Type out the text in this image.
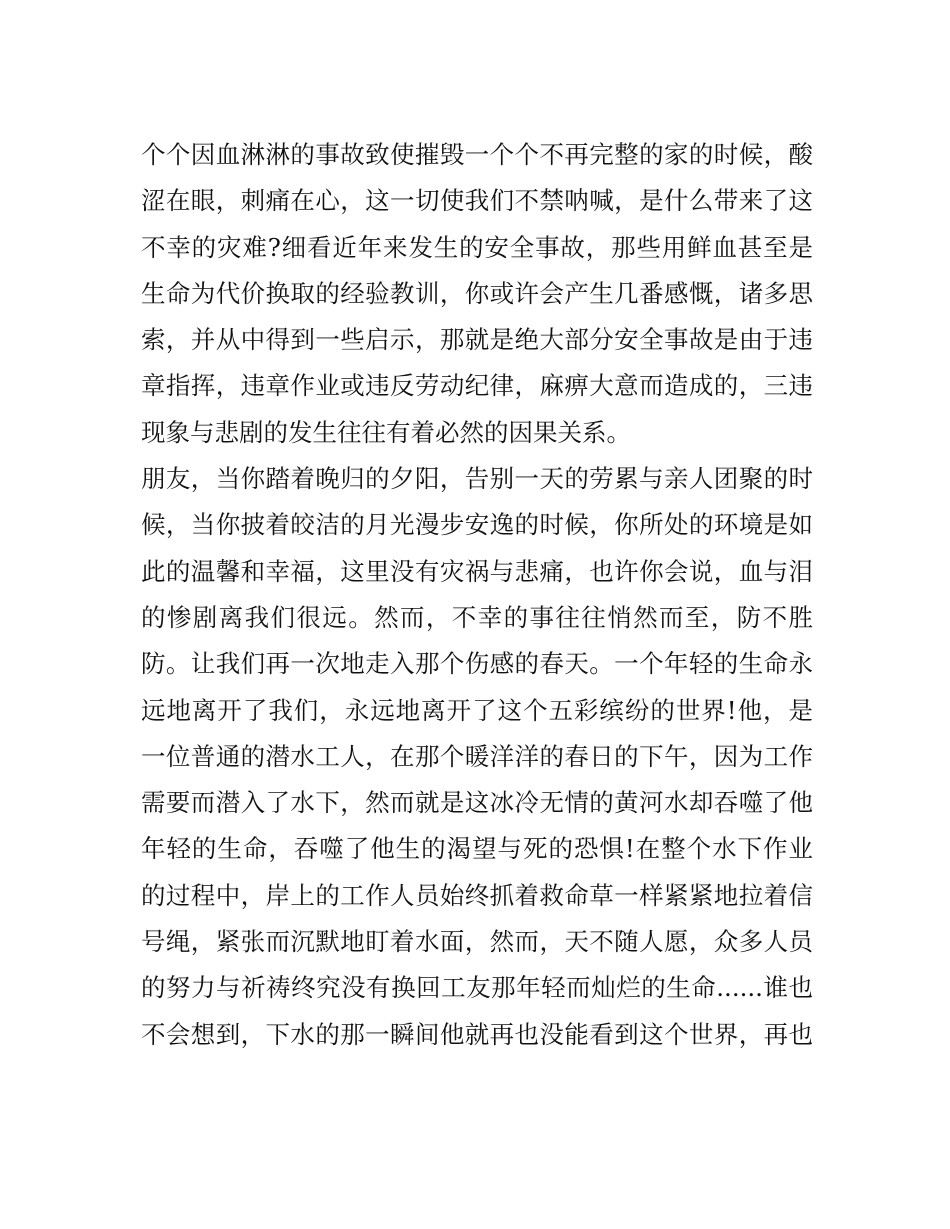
个个因血淋淋的事故致使摧毁一个个不再完整的家的时候，酸
涩在眼，刺痛在心，这一切使我们不禁呐喊，是什么带来了这
不幸的灾难?细看近年来发生的安全事故，那些用鲜血甚至是
生命为代价换取的经验教训，你或许会产生几番感慨，诸多思
索，并从中得到一些启示，那就是绝大部分安全事故是由于违
章指挥，违章作业或违反劳动纪律，麻痹大意而造成的，三违
现象与悲剧的发生往往有着必然的因果关系。
朋友，当你踏着晚归的夕阳，告别一天的劳累与亲人团聚的时
候，当你披着皎洁的月光漫步安逸的时候，你所处的环境是如
此的温馨和幸福，这里没有灾祸与悲痛，也许你会说，血与泪
的惨剧离我们很远。然而，不幸的事往往悄然而至，防不胜
防。让我们再一次地走入那个伤感的春天。一个年轻的生命永
远地离开了我们，永远地离开了这个五彩缤纷的世界!他，是
一位普通的潜水工人，在那个暖洋洋的春日的下午，因为工作
需要而潜入了水下，然而就是这冰冷无情的黄河水却吞噬了他
年轻的生命，吞噬了他生的渴望与死的恐惧!在整个水下作业
的过程中，岸上的工作人员始终抓着救命草一样紧紧地拉着信
号绳，紧张而沉默地盯着水面，然而，天不随人愿，众多人员
的努力与祈祷终究没有换回工友那年轻而灿烂的生命......谁也
不会想到，下水的那一瞬间他就再也没能看到这个世界，再也
